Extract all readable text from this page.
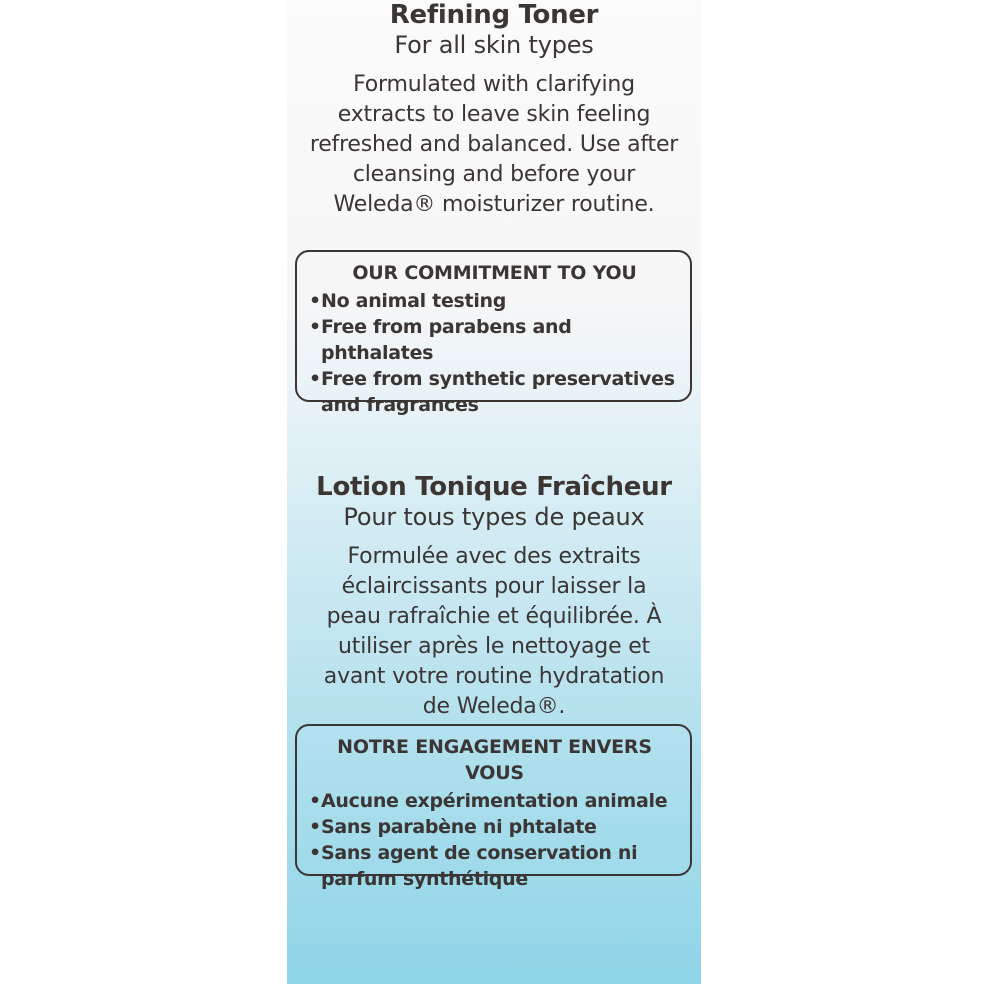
Refining Toner
For all skin types
Formulated with clarifying extracts to leave skin feeling refreshed and balanced. Use after cleansing and before your Weleda® moisturizer routine.
OUR COMMITMENT TO YOU
• No animal testing
• Free from parabens and phthalates
• Free from synthetic preservatives and fragrances
Lotion Tonique Fraîcheur
Pour tous types de peaux
Formulée avec des extraits éclaircissants pour laisser la peau rafraîchie et équilibrée. À utiliser après le nettoyage et avant votre routine hydratation de Weleda®.
NOTRE ENGAGEMENT ENVERS VOUS
• Aucune expérimentation animale
• Sans parabène ni phtalate
• Sans agent de conservation ni parfum synthétique
